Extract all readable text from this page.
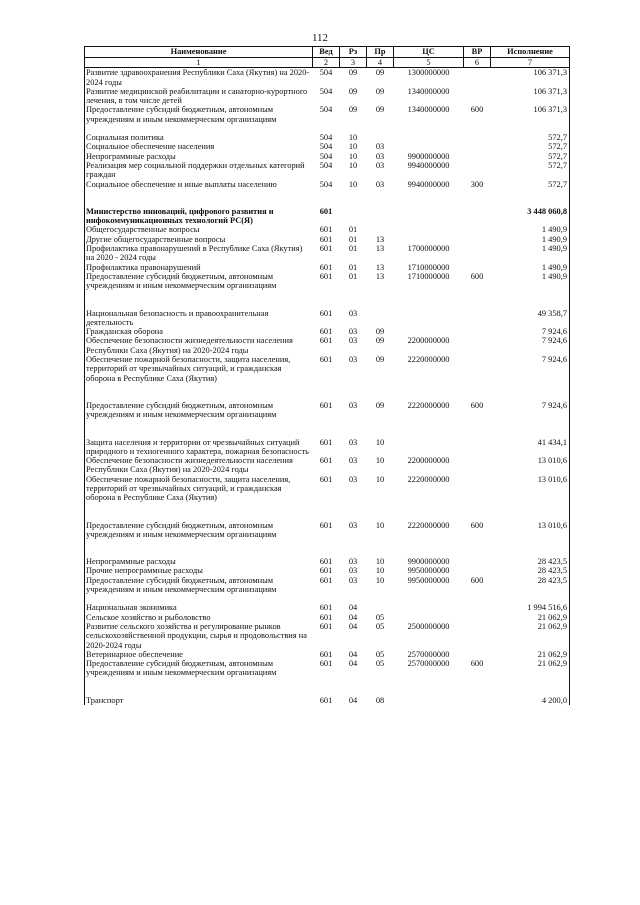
112
Наименование	Вед	Рз	Пр	ЦС	ВР	Исполнение
1	2	3	4	5	6	7
Развитие здравоохранения Республики Саха (Якутия) на 2020-2024 годы	504	09	09	1300000000		106 371,3
Развитие медицинской реабилитации и санаторно-курортного лечения, в том числе детей	504	09	09	1340000000		106 371,3
Предоставление субсидий бюджетным, автономным учреждениям и иным некоммерческим организациям	504	09	09	1340000000	600	106 371,3

Социальная политика	504	10				572,7
Социальное обеспечение населения	504	10	03			572,7
Непрограммные расходы	504	10	03	9900000000		572,7
Реализация мер социальной поддержки отдельных категорий граждан	504	10	03	9940000000		572,7
Социальное обеспечение и иные выплаты населению	504	10	03	9940000000	300	572,7

Министерство инноваций, цифрового развития и инфокоммуникационных технологий РС(Я)	601					3 448 060,8
Общегосударственные вопросы	601	01				1 490,9
Другие общегосударственные вопросы	601	01	13			1 490,9
Профилактика правонарушений в Республике Саха (Якутия) на 2020 - 2024 годы	601	01	13	1700000000		1 490,9
Профилактика правонарушений	601	01	13	1710000000		1 490,9
Предоставление субсидий бюджетным, автономным учреждениям и иным некоммерческим организациям	601	01	13	1710000000	600	1 490,9

Национальная безопасность и правоохранительная деятельность	601	03				49 358,7
Гражданская оборона	601	03	09			7 924,6
Обеспечение безопасности жизнедеятельности населения Республики Саха (Якутия) на 2020-2024 годы	601	03	09	2200000000		7 924,6
Обеспечение пожарной безопасности, защита населения, территорий от чрезвычайных ситуаций, и гражданская оборона в Республике Саха (Якутия)	601	03	09	2220000000		7 924,6

Предоставление субсидий бюджетным, автономным учреждениям и иным некоммерческим организациям	601	03	09	2220000000	600	7 924,6

Защита населения и территории от чрезвычайных ситуаций природного и техногенного характера, пожарная безопасность	601	03	10			41 434,1
Обеспечение безопасности жизнедеятельности населения Республики Саха (Якутия) на 2020-2024 годы	601	03	10	2200000000		13 010,6
Обеспечение пожарной безопасности, защита населения, территорий от чрезвычайных ситуаций, и гражданская оборона в Республике Саха (Якутия)	601	03	10	2220000000		13 010,6

Предоставление субсидий бюджетным, автономным учреждениям и иным некоммерческим организациям	601	03	10	2220000000	600	13 010,6

Непрограммные расходы	601	03	10	9900000000		28 423,5
Прочие непрограммные расходы	601	03	10	9950000000		28 423,5
Предоставление субсидий бюджетным, автономным учреждениям и иным некоммерческим организациям	601	03	10	9950000000	600	28 423,5

Национальная экономика	601	04				1 994 516,6
Сельское хозяйство и рыболовство	601	04	05			21 062,9
Развитие сельского хозяйства и регулирование рынков сельскохозяйственной продукции, сырья и продовольствия на 2020-2024 годы	601	04	05	2500000000		21 062,9
Ветеринарное обеспечение	601	04	05	2570000000		21 062,9
Предоставление субсидий бюджетным, автономным учреждениям и иным некоммерческим организациям	601	04	05	2570000000	600	21 062,9

Транспорт	601	04	08			4 200,0
